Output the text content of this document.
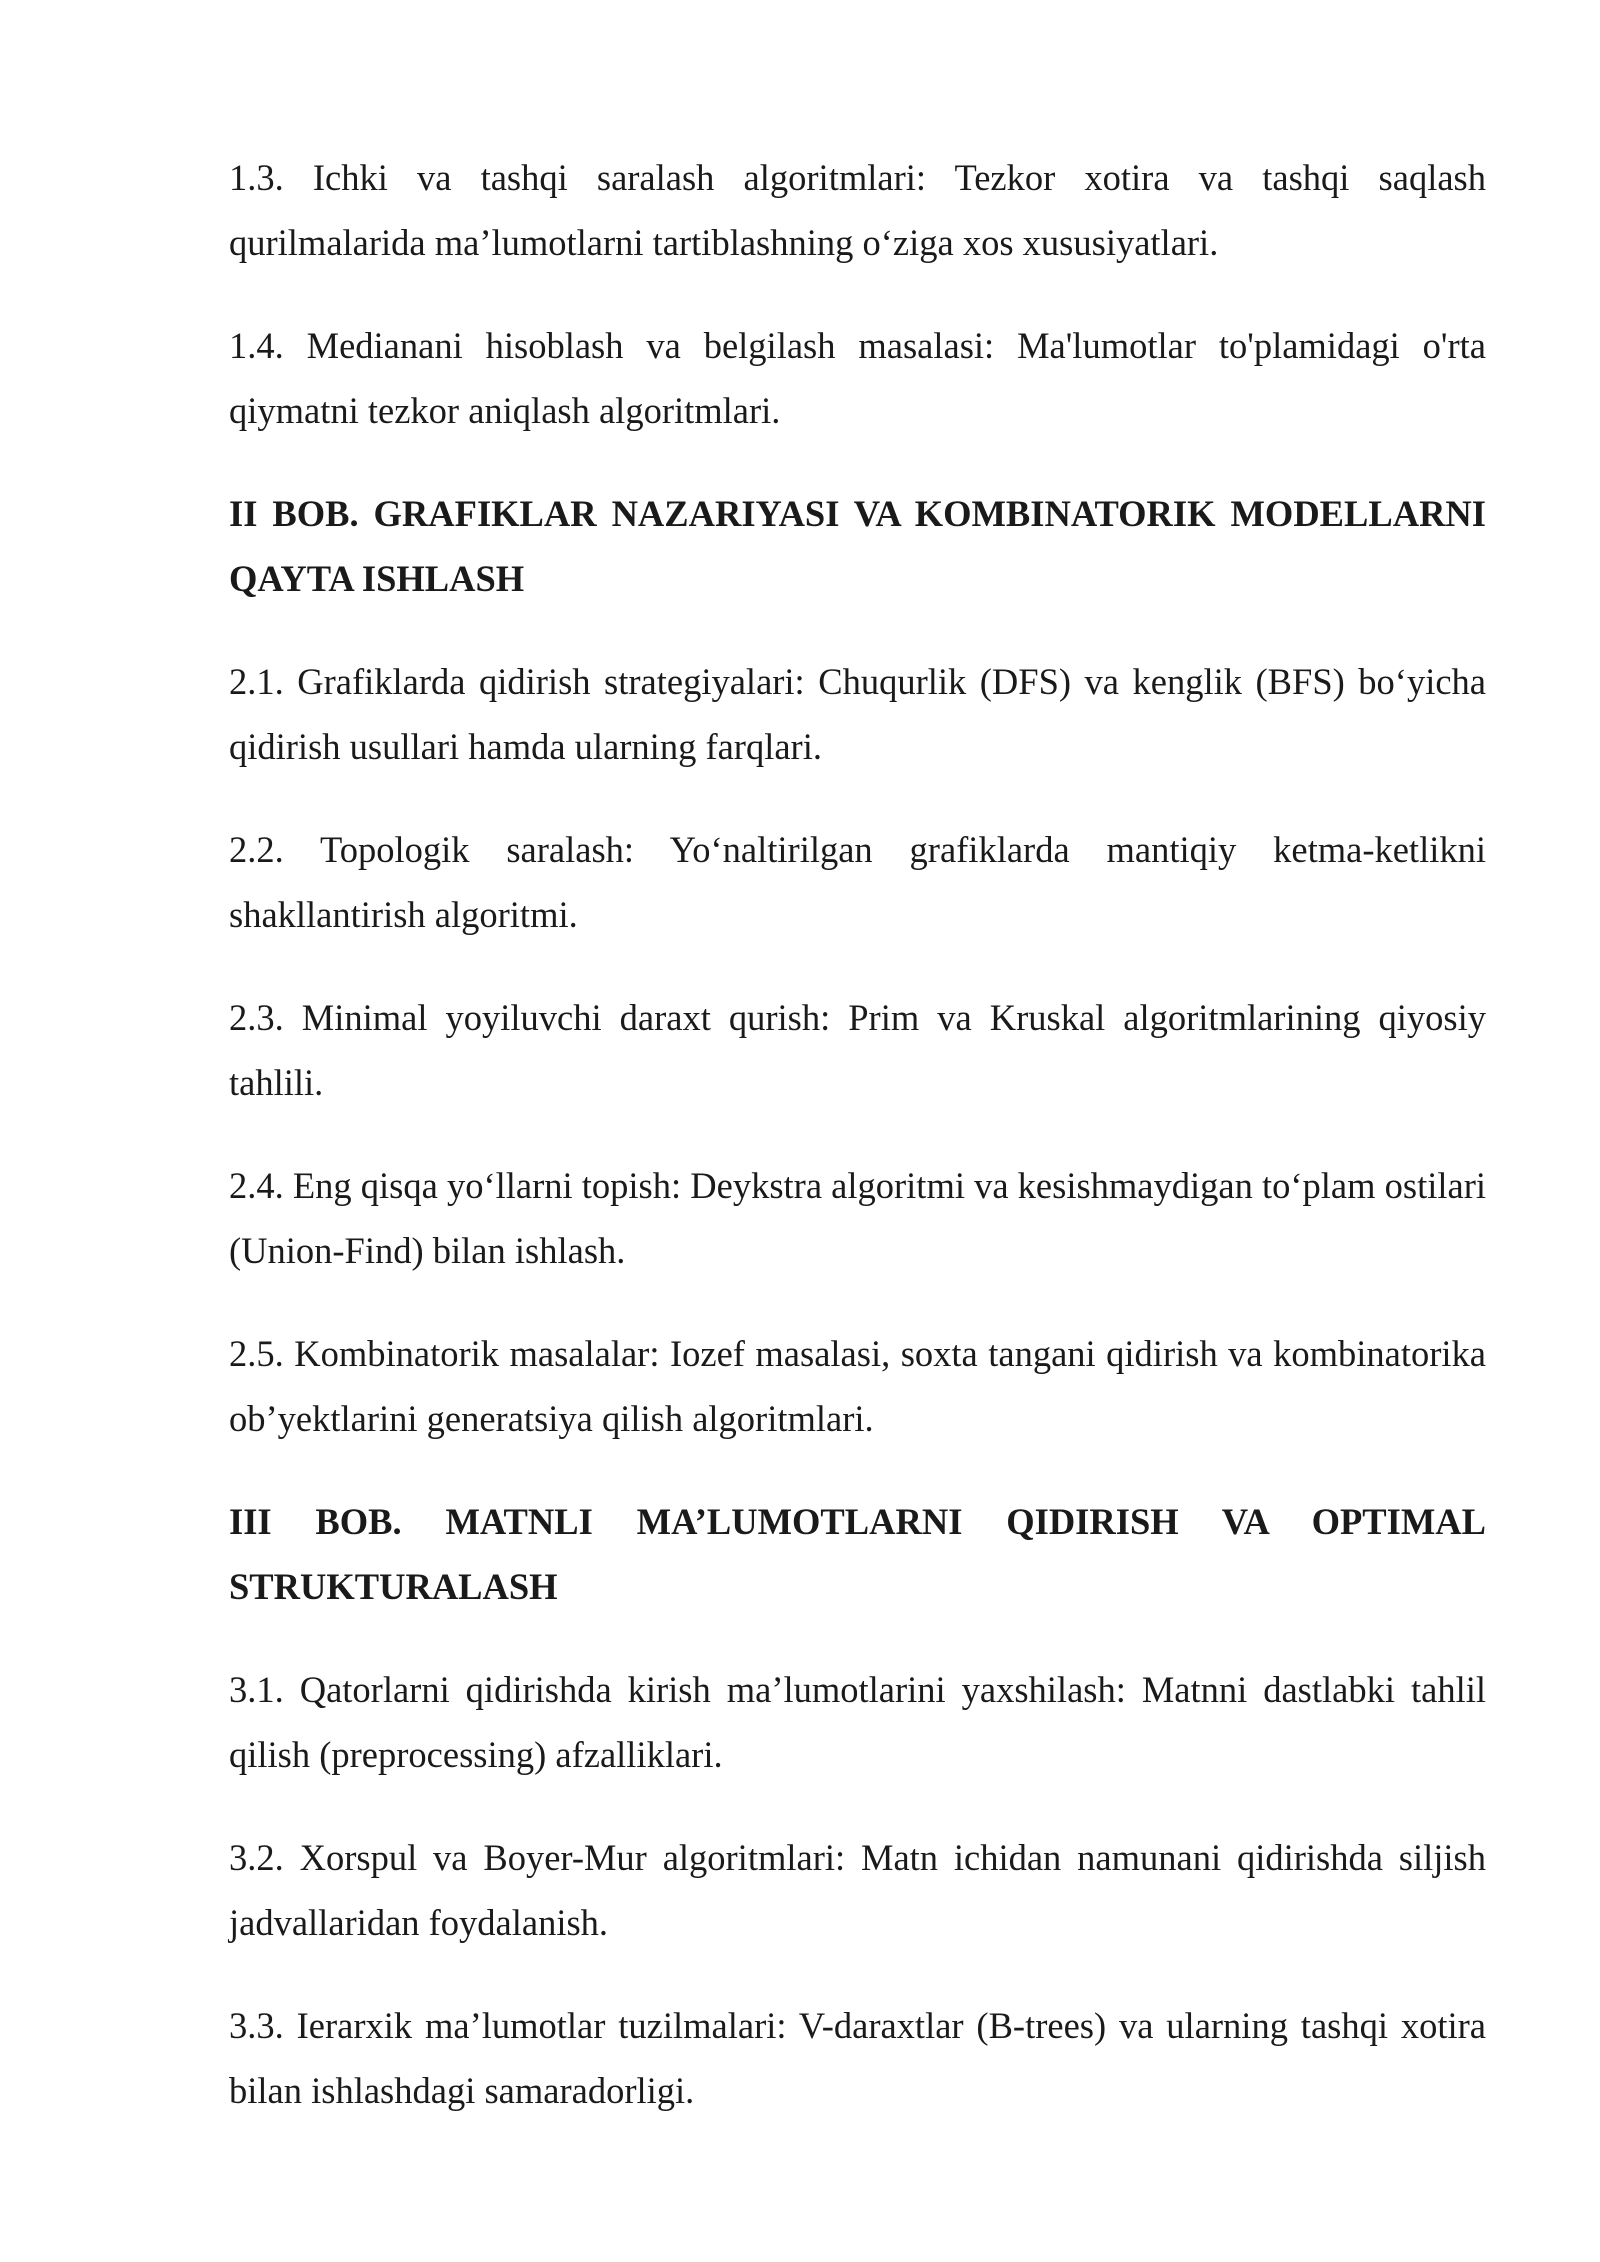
1.3. Ichki va tashqi saralash algoritmlari: Tezkor xotira va tashqi saqlash qurilmalarida ma’lumotlarni tartiblashning o‘ziga xos xususiyatlari.

1.4. Medianani hisoblash va belgilash masalasi: Ma'lumotlar to'plamidagi o'rta qiymatni tezkor aniqlash algoritmlari.

II BOB. GRAFIKLAR NAZARIYASI VA KOMBINATORIK MODELLARNI QAYTA ISHLASH

2.1. Grafiklarda qidirish strategiyalari: Chuqurlik (DFS) va kenglik (BFS) bo‘yicha qidirish usullari hamda ularning farqlari.

2.2. Topologik saralash: Yo‘naltirilgan grafiklarda mantiqiy ketma-ketlikni shakllantirish algoritmi.

2.3. Minimal yoyiluvchi daraxt qurish: Prim va Kruskal algoritmlarining qiyosiy tahlili.

2.4. Eng qisqa yo‘llarni topish: Deykstra algoritmi va kesishmaydigan to‘plam ostilari (Union-Find) bilan ishlash.

2.5. Kombinatorik masalalar: Iozef masalasi, soxta tangani qidirish va kombinatorika ob’yektlarini generatsiya qilish algoritmlari.

III BOB. MATNLI MA’LUMOTLARNI QIDIRISH VA OPTIMAL STRUKTURALASH

3.1. Qatorlarni qidirishda kirish ma’lumotlarini yaxshilash: Matnni dastlabki tahlil qilish (preprocessing) afzalliklari.

3.2. Xorspul va Boyer-Mur algoritmlari: Matn ichidan namunani qidirishda siljish jadvallaridan foydalanish.

3.3. Ierarxik ma’lumotlar tuzilmalari: V-daraxtlar (B-trees) va ularning tashqi xotira bilan ishlashdagi samaradorligi.
